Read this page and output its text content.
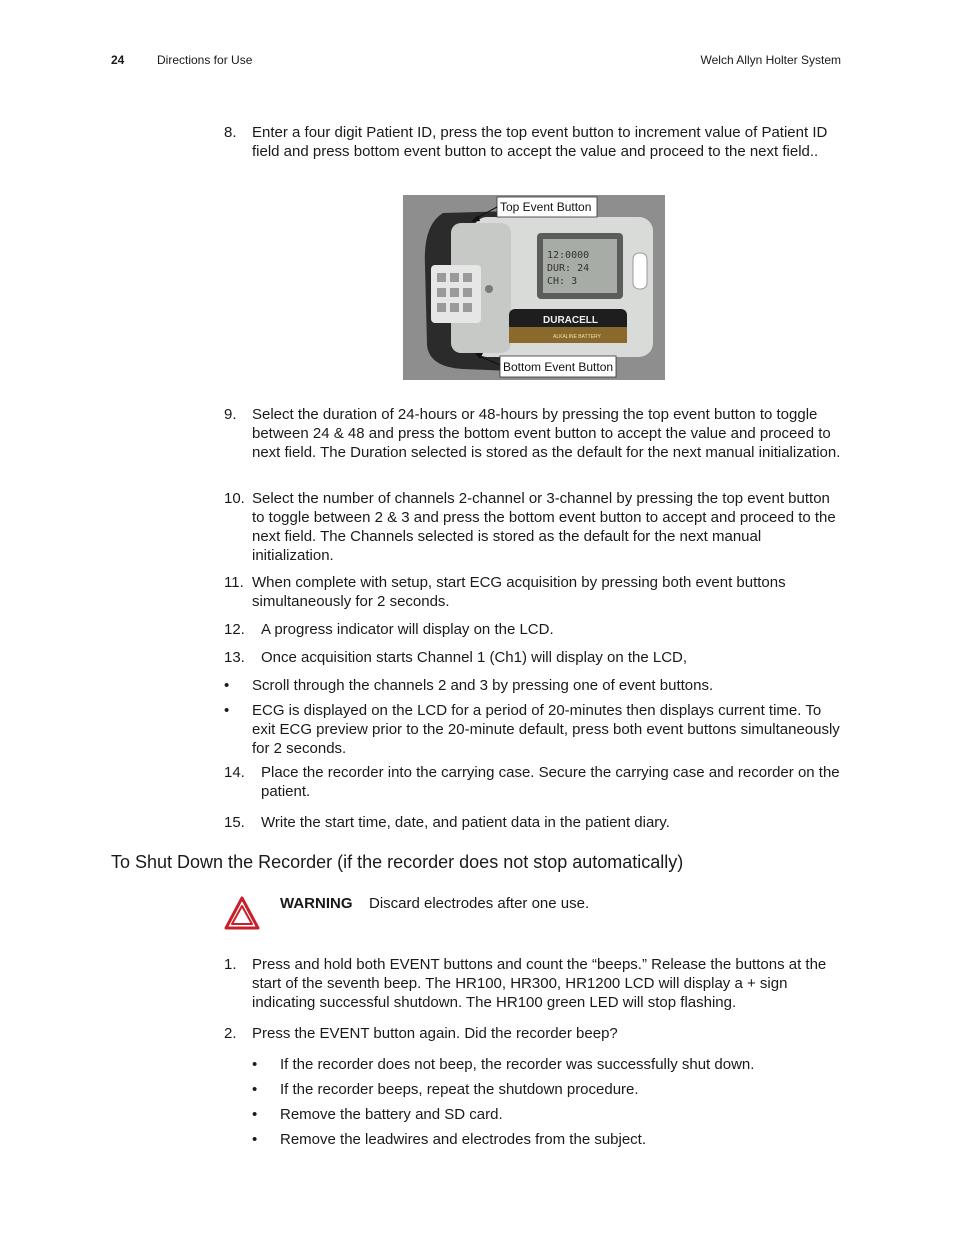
24	Directions for Use	Welch Allyn Holter System
8. Enter a four digit Patient ID, press the top event button to increment value of Patient ID field and press bottom event button to accept the value and proceed to the next field..
12:0000
DUR: 24
CH: 3
DURACELL
ALKALINE BATTERY
Top Event Button
Bottom Event Button
9. Select the duration of 24-hours or 48-hours by pressing the top event button to toggle between 24 & 48 and press the bottom event button to accept the value and proceed to next field. The Duration selected is stored as the default for the next manual initialization.
10. Select the number of channels 2-channel or 3-channel by pressing the top event button to toggle between 2 & 3 and press the bottom event button to accept and proceed to the next field. The Channels selected is stored as the default for the next manual initialization.
11. When complete with setup, start ECG acquisition by pressing both event buttons simultaneously for 2 seconds.
12. A progress indicator will display on the LCD.
13. Once acquisition starts Channel 1 (Ch1) will display on the LCD,
• Scroll through the channels 2 and 3 by pressing one of event buttons.
• ECG is displayed on the LCD for a period of 20-minutes then displays current time. To exit ECG preview prior to the 20-minute default, press both event buttons simultaneously for 2 seconds.
14. Place the recorder into the carrying case. Secure the carrying case and recorder on the patient.
15. Write the start time, date, and patient data in the patient diary.
To Shut Down the Recorder (if the recorder does not stop automatically)
WARNING Discard electrodes after one use.
1. Press and hold both EVENT buttons and count the “beeps.” Release the buttons at the start of the seventh beep. The HR100, HR300, HR1200 LCD will display a + sign indicating successful shutdown. The HR100 green LED will stop flashing.
2. Press the EVENT button again. Did the recorder beep?
• If the recorder does not beep, the recorder was successfully shut down.
• If the recorder beeps, repeat the shutdown procedure.
• Remove the battery and SD card.
• Remove the leadwires and electrodes from the subject.
